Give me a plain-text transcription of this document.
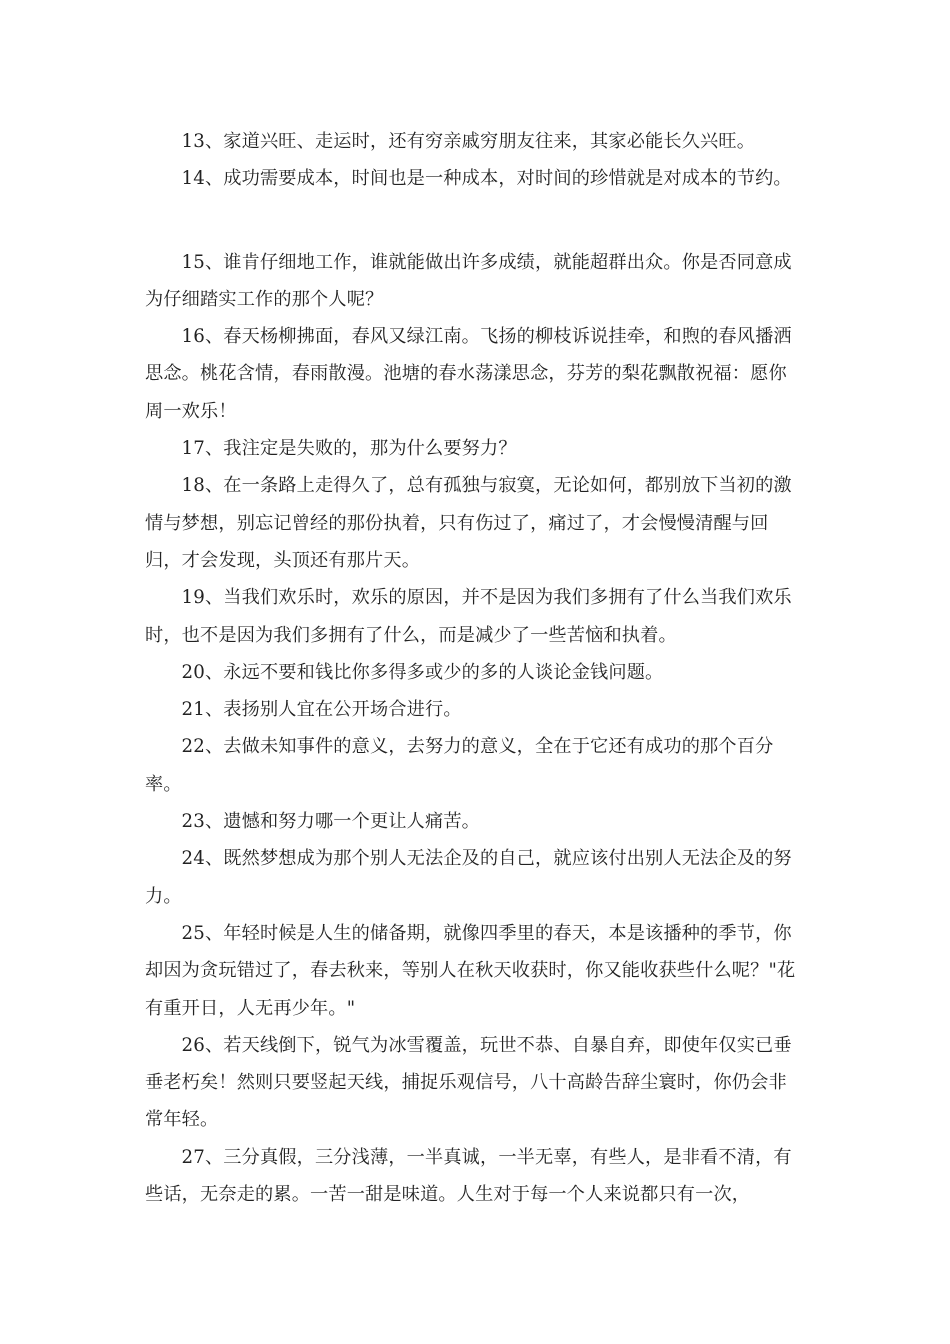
13、家道兴旺、走运时，还有穷亲戚穷朋友往来，其家必能长久兴旺。

14、成功需要成本，时间也是一种成本，对时间的珍惜就是对成本的节约。

15、谁肯仔细地工作，谁就能做出许多成绩，就能超群出众。你是否同意成为仔细踏实工作的那个人呢？

16、春天杨柳拂面，春风又绿江南。飞扬的柳枝诉说挂牵，和煦的春风播洒思念。桃花含情，春雨散漫。池塘的春水荡漾思念，芬芳的梨花飘散祝福：愿你周一欢乐！

17、我注定是失败的，那为什么要努力？

18、在一条路上走得久了，总有孤独与寂寞，无论如何，都别放下当初的激情与梦想，别忘记曾经的那份执着，只有伤过了，痛过了，才会慢慢清醒与回归，才会发现，头顶还有那片天。

19、当我们欢乐时，欢乐的原因，并不是因为我们多拥有了什么当我们欢乐时，也不是因为我们多拥有了什么，而是减少了一些苦恼和执着。

20、永远不要和钱比你多得多或少的多的人谈论金钱问题。

21、表扬别人宜在公开场合进行。

22、去做未知事件的意义，去努力的意义，全在于它还有成功的那个百分率。

23、遗憾和努力哪一个更让人痛苦。

24、既然梦想成为那个别人无法企及的自己，就应该付出别人无法企及的努力。

25、年轻时候是人生的储备期，就像四季里的春天，本是该播种的季节，你却因为贪玩错过了，春去秋来，等别人在秋天收获时，你又能收获些什么呢？"花有重开日，人无再少年。"

26、若天线倒下，锐气为冰雪覆盖，玩世不恭、自暴自弃，即使年仅实已垂垂老朽矣！然则只要竖起天线，捕捉乐观信号，八十高龄告辞尘寰时，你仍会非常年轻。

27、三分真假，三分浅薄，一半真诚，一半无辜，有些人，是非看不清，有些话，无奈走的累。一苦一甜是味道。人生对于每一个人来说都只有一次，
